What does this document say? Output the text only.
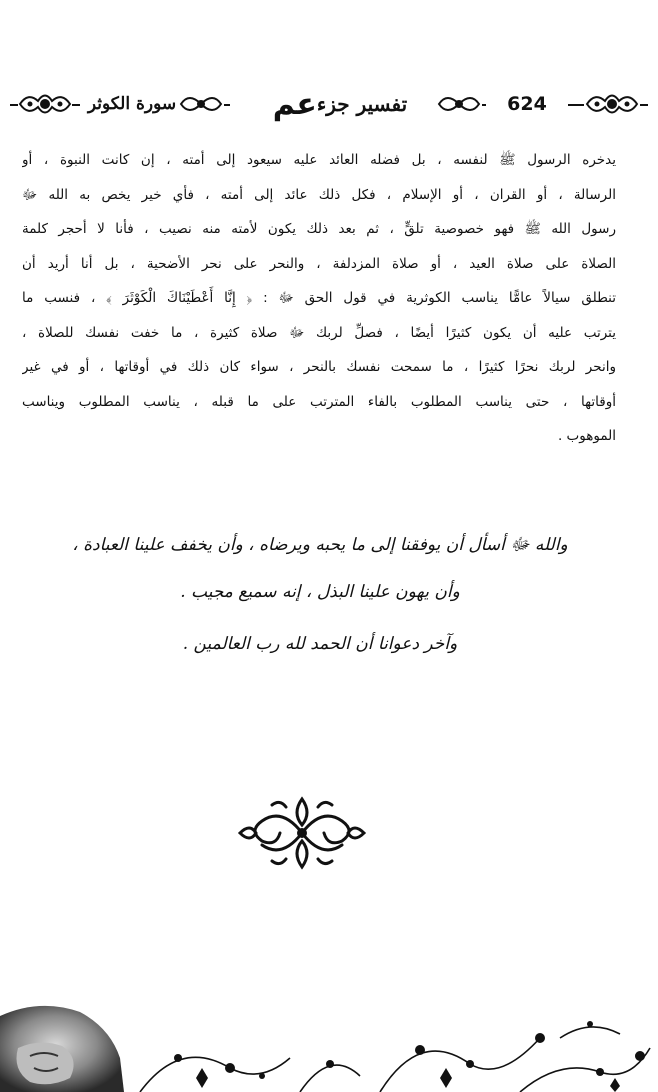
سورة الكوثر	عم تفسير جزء	624
يدخره الرسول ﷺ لنفسه ، بل فضله العائد عليه سيعود إلى أمته ، إن كانت النبوة ، أو
الرسالة ، أو القران ، أو الإسلام ، فكل ذلك عائد إلى أمته ، فأي خير يخص به الله ﷻ
رسول الله ﷺ فهو خصوصية تلقٍّ ، ثم بعد ذلك يكون لأمته منه نصيب ، فأنا لا أحجر كلمة
الصلاة على صلاة العيد ، أو صلاة المزدلفة ، والنحر على نحر الأضحية ، بل أنا أريد أن
تنطلق سيالاً عامًّا يناسب الكوثرية في قول الحق ﷻ : ﴿ إِنَّا أَعْطَيْنَاكَ الْكَوْثَرَ ﴾ ، فنسب ما
يترتب عليه أن يكون كثيرًا أيضًا ، فصلِّ لربك ﷻ صلاة كثيرة ، ما خفت نفسك للصلاة ،
وانحر لربك نحرًا كثيرًا ، ما سمحت نفسك بالنحر ، سواء كان ذلك في أوقاتها ، أو في غير
أوقاتها ، حتى يناسب المطلوب بالفاء المترتب على ما قبله ، يناسب المطلوب ويناسب
الموهوب .
والله ﷻ أسأل أن يوفقنا إلى ما يحبه ويرضاه ، وأن يخفف علينا العبادة ،
وأن يهون علينا البذل ، إنه سميع مجيب .
وآخر دعوانا أن الحمد لله رب العالمين .
